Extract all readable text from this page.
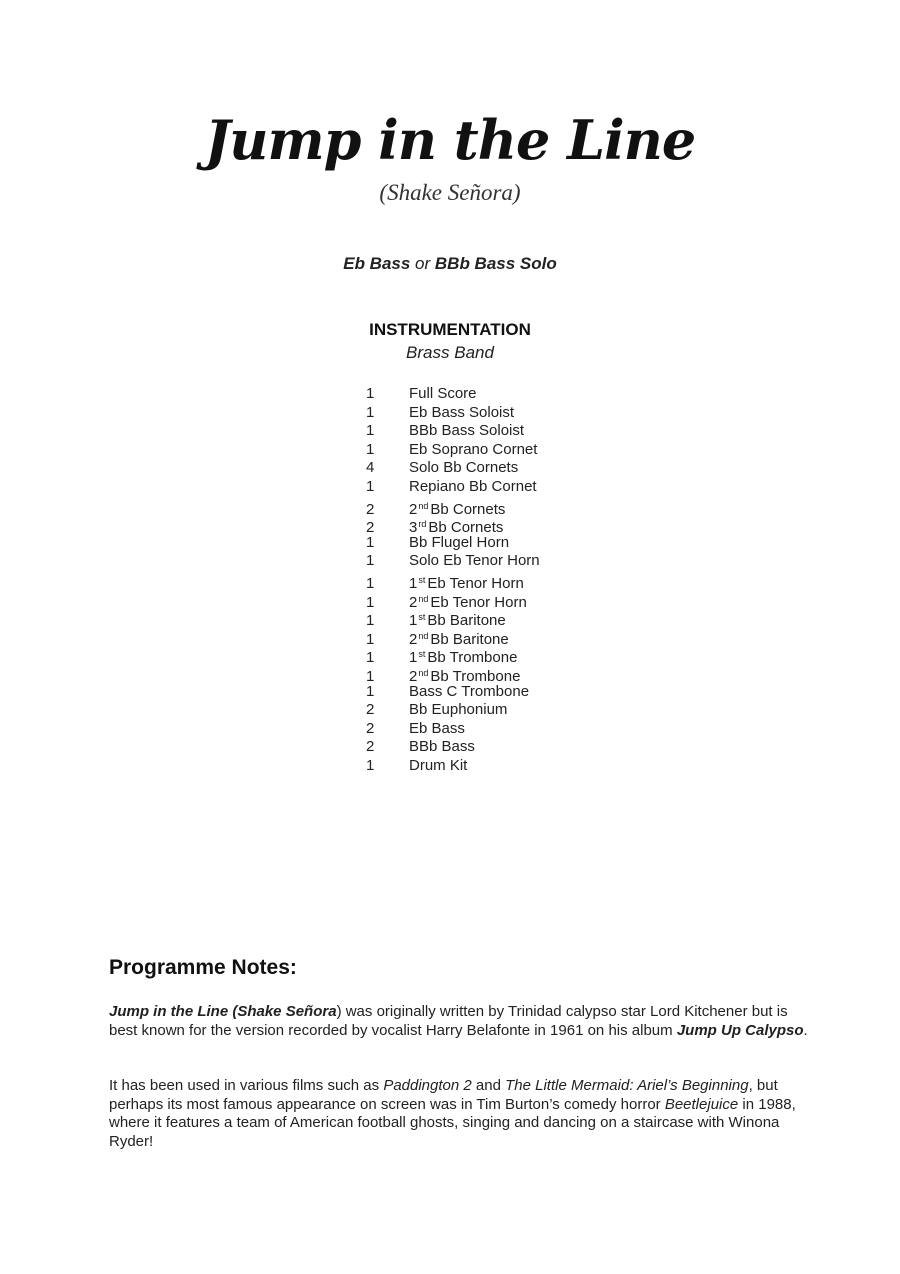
Jump in the Line
(Shake Señora)
Eb Bass or BBb Bass Solo
INSTRUMENTATION
Brass Band
1 Full Score
1 Eb Bass Soloist
1 BBb Bass Soloist
1 Eb Soprano Cornet
4 Solo Bb Cornets
1 Repiano Bb Cornet
2 2nd Bb Cornets
2 3rd Bb Cornets
1 Bb Flugel Horn
1 Solo Eb Tenor Horn
1 1st Eb Tenor Horn
1 2nd Eb Tenor Horn
1 1st Bb Baritone
1 2nd Bb Baritone
1 1st Bb Trombone
1 2nd Bb Trombone
1 Bass C Trombone
2 Bb Euphonium
2 Eb Bass
2 BBb Bass
1 Drum Kit
Programme Notes:

Jump in the Line (Shake Señora) was originally written by Trinidad calypso star Lord Kitchener but is best known for the version recorded by vocalist Harry Belafonte in 1961 on his album Jump Up Calypso.

It has been used in various films such as Paddington 2 and The Little Mermaid: Ariel’s Beginning, but perhaps its most famous appearance on screen was in Tim Burton’s comedy horror Beetlejuice in 1988, where it features a team of American football ghosts, singing and dancing on a staircase with Winona Ryder!
